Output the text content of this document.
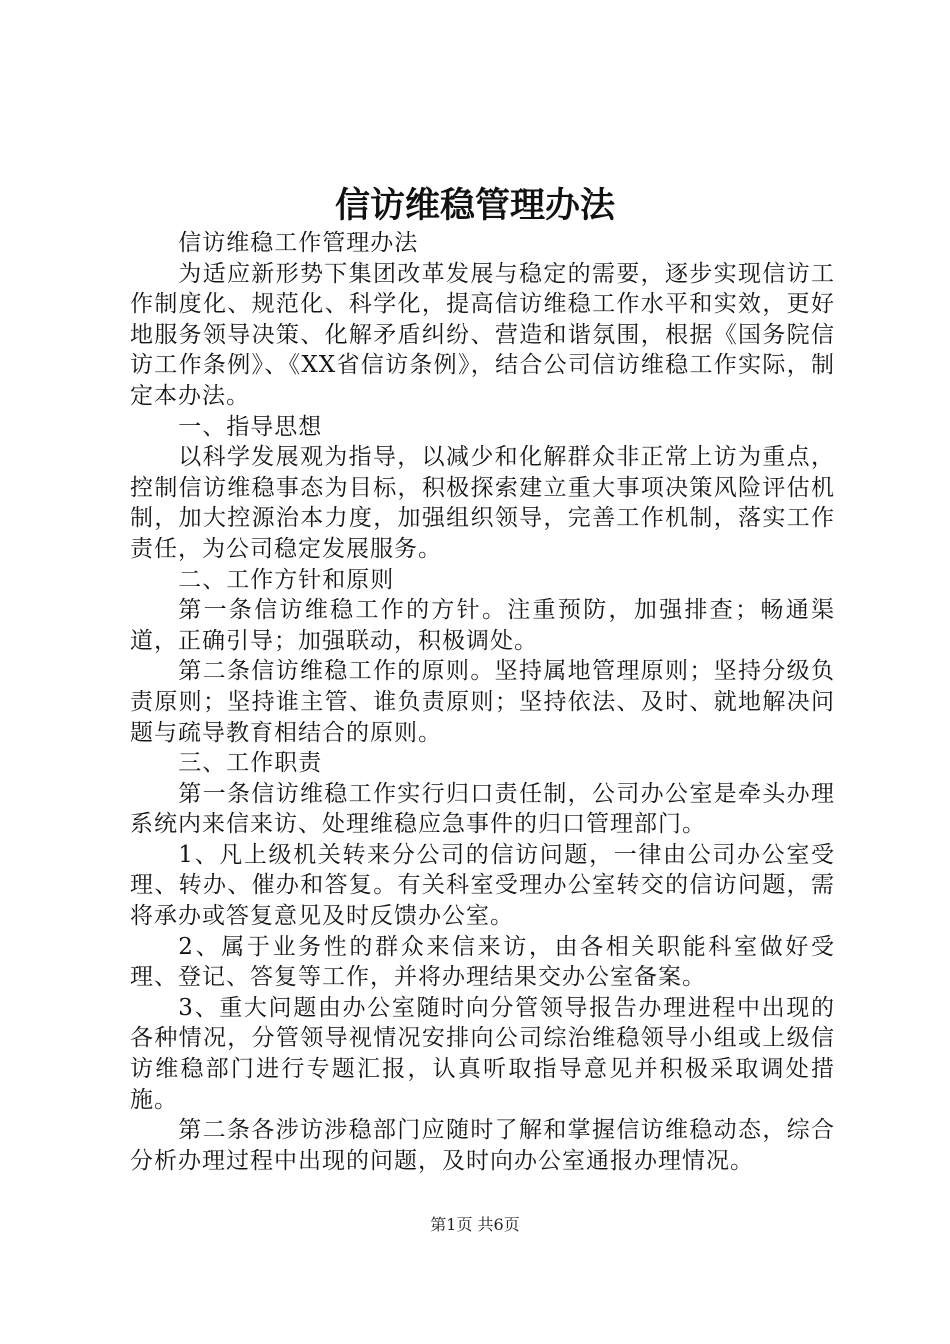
信访维稳管理办法

信访维稳工作管理办法

为适应新形势下集团改革发展与稳定的需要，逐步实现信访工作制度化、规范化、科学化，提高信访维稳工作水平和实效，更好地服务领导决策、化解矛盾纠纷、营造和谐氛围，根据《国务院信访工作条例》、《XX省信访条例》，结合公司信访维稳工作实际，制定本办法。

一、指导思想

以科学发展观为指导，以减少和化解群众非正常上访为重点，控制信访维稳事态为目标，积极探索建立重大事项决策风险评估机制，加大控源治本力度，加强组织领导，完善工作机制，落实工作责任，为公司稳定发展服务。

二、工作方针和原则

第一条信访维稳工作的方针。注重预防，加强排查；畅通渠道，正确引导；加强联动，积极调处。

第二条信访维稳工作的原则。坚持属地管理原则；坚持分级负责原则；坚持谁主管、谁负责原则；坚持依法、及时、就地解决问题与疏导教育相结合的原则。

三、工作职责

第一条信访维稳工作实行归口责任制，公司办公室是牵头办理系统内来信来访、处理维稳应急事件的归口管理部门。

1、凡上级机关转来分公司的信访问题，一律由公司办公室受理、转办、催办和答复。有关科室受理办公室转交的信访问题，需将承办或答复意见及时反馈办公室。

2、属于业务性的群众来信来访，由各相关职能科室做好受理、登记、答复等工作，并将办理结果交办公室备案。

3、重大问题由办公室随时向分管领导报告办理进程中出现的各种情况，分管领导视情况安排向公司综治维稳领导小组或上级信访维稳部门进行专题汇报，认真听取指导意见并积极采取调处措施。

第二条各涉访涉稳部门应随时了解和掌握信访维稳动态，综合分析办理过程中出现的问题，及时向办公室通报办理情况。

第1页 共6页
